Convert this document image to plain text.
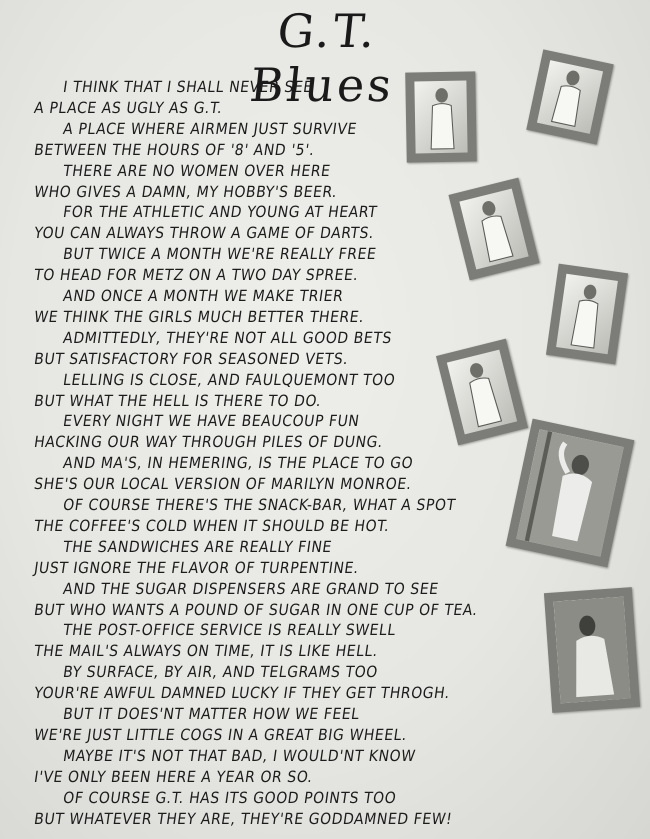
G.T. Blues
I THINK THAT I SHALL NEVER SEE
A PLACE AS UGLY AS G.T.
A PLACE WHERE AIRMEN JUST SURVIVE
BETWEEN THE HOURS OF '8' AND '5'.
THERE ARE NO WOMEN OVER HERE
WHO GIVES A DAMN, MY HOBBY'S BEER.
FOR THE ATHLETIC AND YOUNG AT HEART
YOU CAN ALWAYS THROW A GAME OF DARTS.
BUT TWICE A MONTH WE'RE REALLY FREE
TO HEAD FOR METZ ON A TWO DAY SPREE.
AND ONCE A MONTH WE MAKE TRIER
WE THINK THE GIRLS MUCH BETTER THERE.
ADMITTEDLY, THEY'RE NOT ALL GOOD BETS
BUT SATISFACTORY FOR SEASONED VETS.
LELLING IS CLOSE, AND FAULQUEMONT TOO
BUT WHAT THE HELL IS THERE TO DO.
EVERY NIGHT WE HAVE BEAUCOUP FUN
HACKING OUR WAY THROUGH PILES OF DUNG.
AND MA'S, IN HEMERING, IS THE PLACE TO GO
SHE'S OUR LOCAL VERSION OF MARILYN MONROE.
OF COURSE THERE'S THE SNACK-BAR, WHAT A SPOT
THE COFFEE'S COLD WHEN IT SHOULD BE HOT.
THE SANDWICHES ARE REALLY FINE
JUST IGNORE THE FLAVOR OF TURPENTINE.
AND THE SUGAR DISPENSERS ARE GRAND TO SEE
BUT WHO WANTS A POUND OF SUGAR IN ONE CUP OF TEA.
THE POST-OFFICE SERVICE IS REALLY SWELL
THE MAIL'S ALWAYS ON TIME, IT IS LIKE HELL.
BY SURFACE, BY AIR, AND TELGRAMS TOO
YOUR'RE AWFUL DAMNED LUCKY IF THEY GET THROGH.
BUT IT DOES'NT MATTER HOW WE FEEL
WE'RE JUST LITTLE COGS IN A GREAT BIG WHEEL.
MAYBE IT'S NOT THAT BAD, I WOULD'NT KNOW
I'VE ONLY BEEN HERE A YEAR OR SO.
OF COURSE G.T. HAS ITS GOOD POINTS TOO
BUT WHATEVER THEY ARE, THEY'RE GODDAMNED FEW!
